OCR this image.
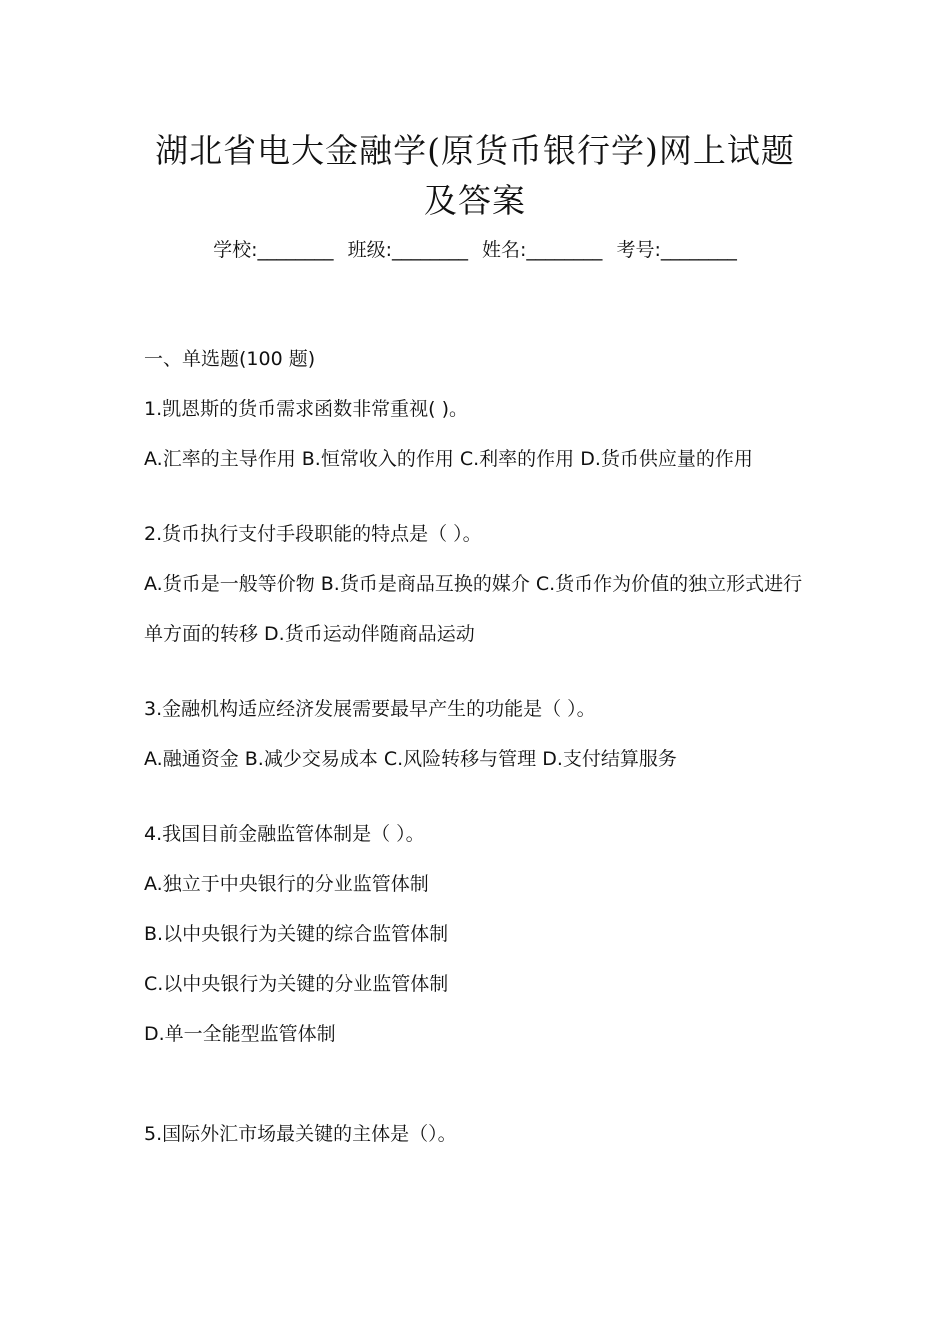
湖北省电大金融学(原货币银行学)网上试题及答案
学校:________ 班级:________ 姓名:________ 考号:________
一、单选题(100 题)
1.凯恩斯的货币需求函数非常重视( )。
A.汇率的主导作用 B.恒常收入的作用 C.利率的作用 D.货币供应量的作用
2.货币执行支付手段职能的特点是（ ）。
A.货币是一般等价物 B.货币是商品互换的媒介 C.货币作为价值的独立形式进行单方面的转移 D.货币运动伴随商品运动
3.金融机构适应经济发展需要最早产生的功能是（ ）。
A.融通资金 B.减少交易成本 C.风险转移与管理 D.支付结算服务
4.我国目前金融监管体制是（ ）。
A.独立于中央银行的分业监管体制
B.以中央银行为关键的综合监管体制
C.以中央银行为关键的分业监管体制
D.单一全能型监管体制
5.国际外汇市场最关键的主体是（）。
